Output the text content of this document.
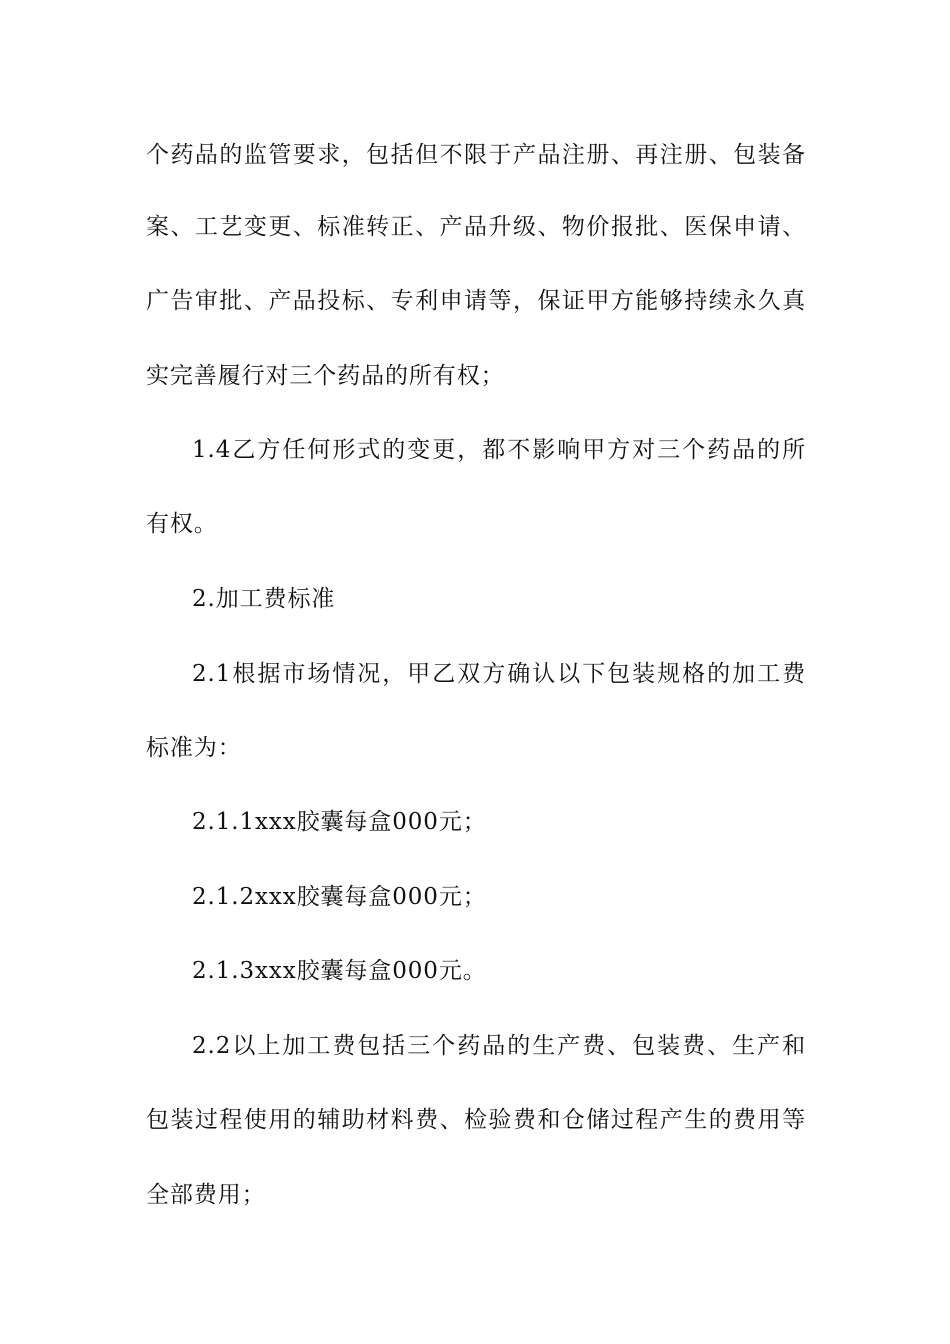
个药品的监管要求，包括但不限于产品注册、再注册、包装备
案、工艺变更、标准转正、产品升级、物价报批、医保申请、
广告审批、产品投标、专利申请等，保证甲方能够持续永久真
实完善履行对三个药品的所有权；
1.4乙方任何形式的变更，都不影响甲方对三个药品的所
有权。
2.加工费标准
2.1根据市场情况，甲乙双方确认以下包装规格的加工费
标准为：
2.1.1xxx胶囊每盒000元；
2.1.2xxx胶囊每盒000元；
2.1.3xxx胶囊每盒000元。
2.2以上加工费包括三个药品的生产费、包装费、生产和
包装过程使用的辅助材料费、检验费和仓储过程产生的费用等
全部费用；
